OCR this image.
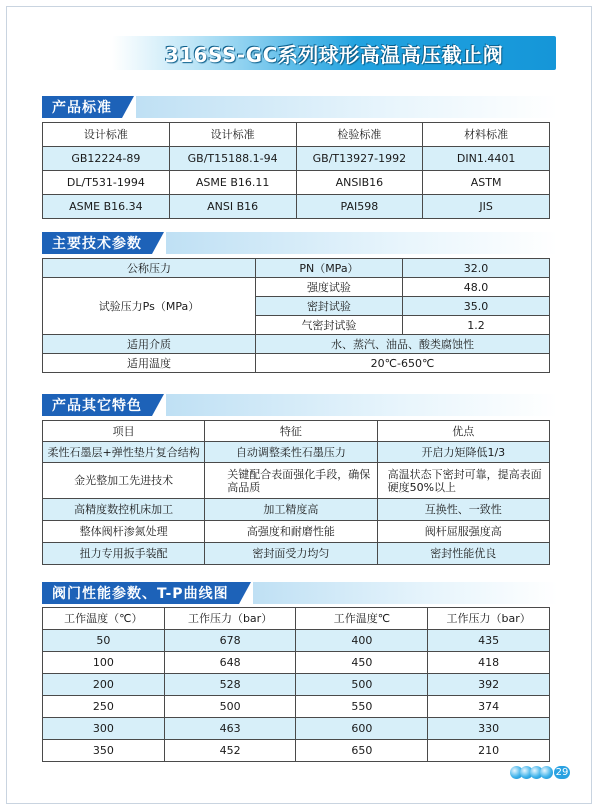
316SS-GC系列球形高温高压截止阀
产品标准
设计标准	设计标准	检验标准	材料标准
GB12224-89	GB/T15188.1-94	GB/T13927-1992	DIN1.4401
DL/T531-1994	ASME B16.11	ANSIB16	ASTM
ASME B16.34	ANSI B16	PAI598	JIS
主要技术参数
公称压力	PN（MPa）	32.0
试验压力Ps（MPa）	强度试验	48.0
	密封试验	35.0
	气密封试验	1.2
适用介质	水、蒸汽、油品、酸类腐蚀性	
适用温度	20℃-650℃	
产品其它特色
项目	特征	优点
柔性石墨层+弹性垫片复合结构	自动调整柔性石墨压力	开启力矩降低1/3
金光整加工先进技术	关键配合表面强化手段，确保高品质	高温状态下密封可靠，提高表面硬度50%以上
高精度数控机床加工	加工精度高	互换性、一致性
整体阀杆渗氮处理	高强度和耐磨性能	阀杆屈服强度高
扭力专用扳手装配	密封面受力均匀	密封性能优良
阀门性能参数、T-P曲线图
工作温度（℃）	工作压力（bar）	工作温度℃	工作压力（bar）
50	678	400	435
100	648	450	418
200	528	500	392
250	500	550	374
300	463	600	330
350	452	650	210
29
